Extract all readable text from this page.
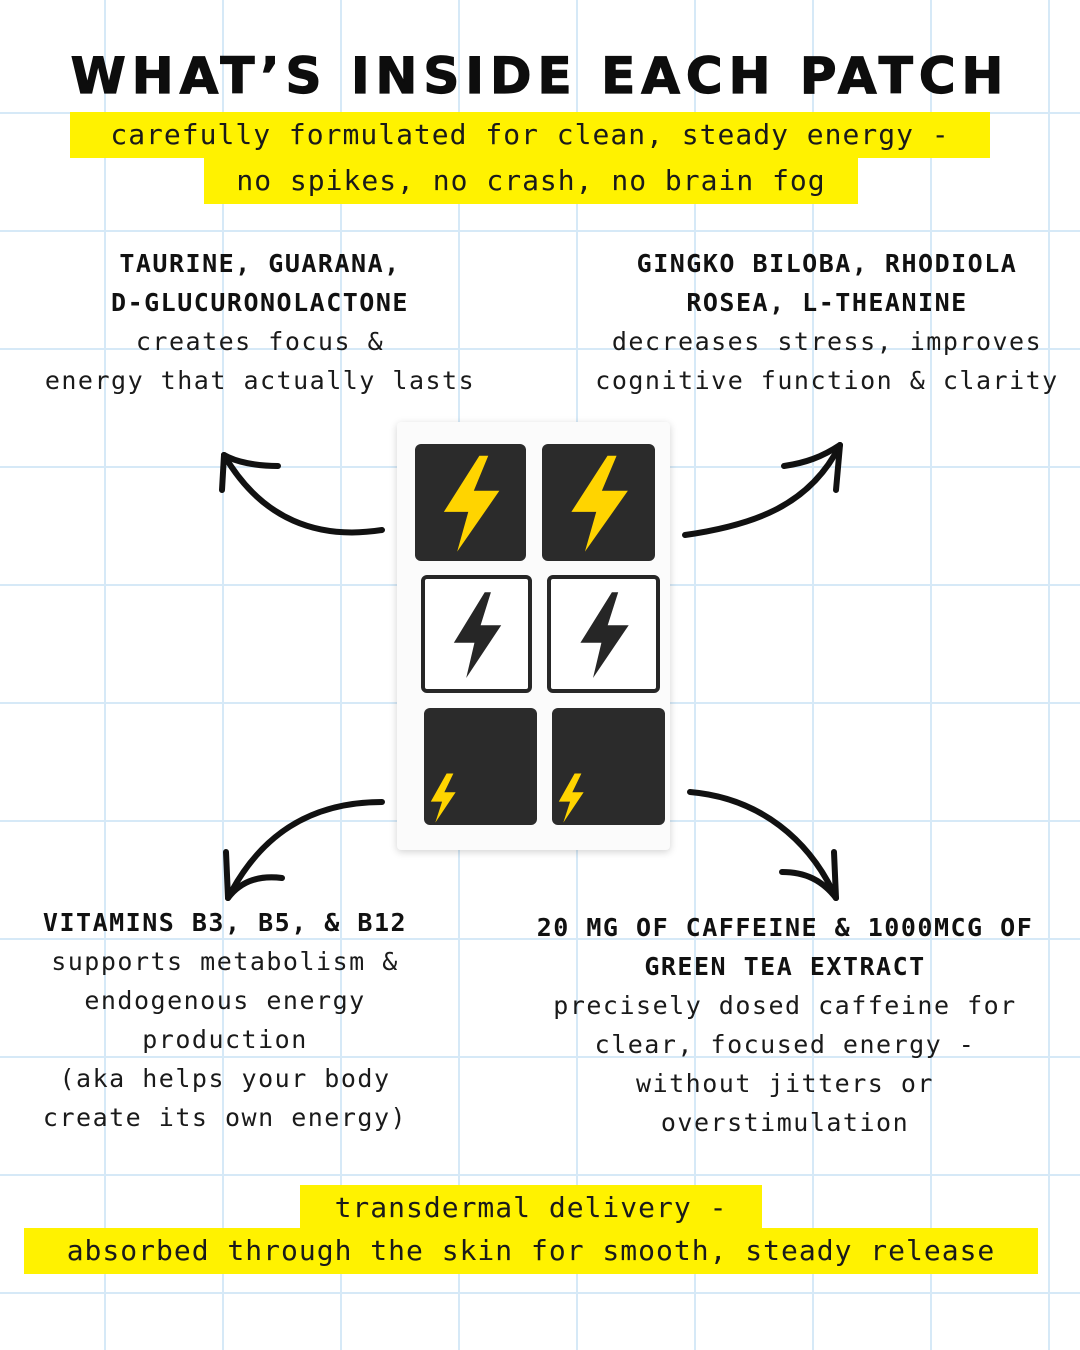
WHAT’S INSIDE EACH PATCH
carefully formulated for clean, steady energy -
no spikes, no crash, no brain fog
TAURINE, GUARANA,
D-GLUCURONOLACTONE
creates focus &
energy that actually lasts
GINGKO BILOBA, RHODIOLA
ROSEA, L-THEANINE
decreases stress, improves
cognitive function & clarity
VITAMINS B3, B5, & B12
supports metabolism &
endogenous energy
production
(aka helps your body
create its own energy)
20 MG OF CAFFEINE & 1000MCG OF
GREEN TEA EXTRACT
precisely dosed caffeine for
clear, focused energy -
without jitters or
overstimulation
transdermal delivery -
absorbed through the skin for smooth, steady release
